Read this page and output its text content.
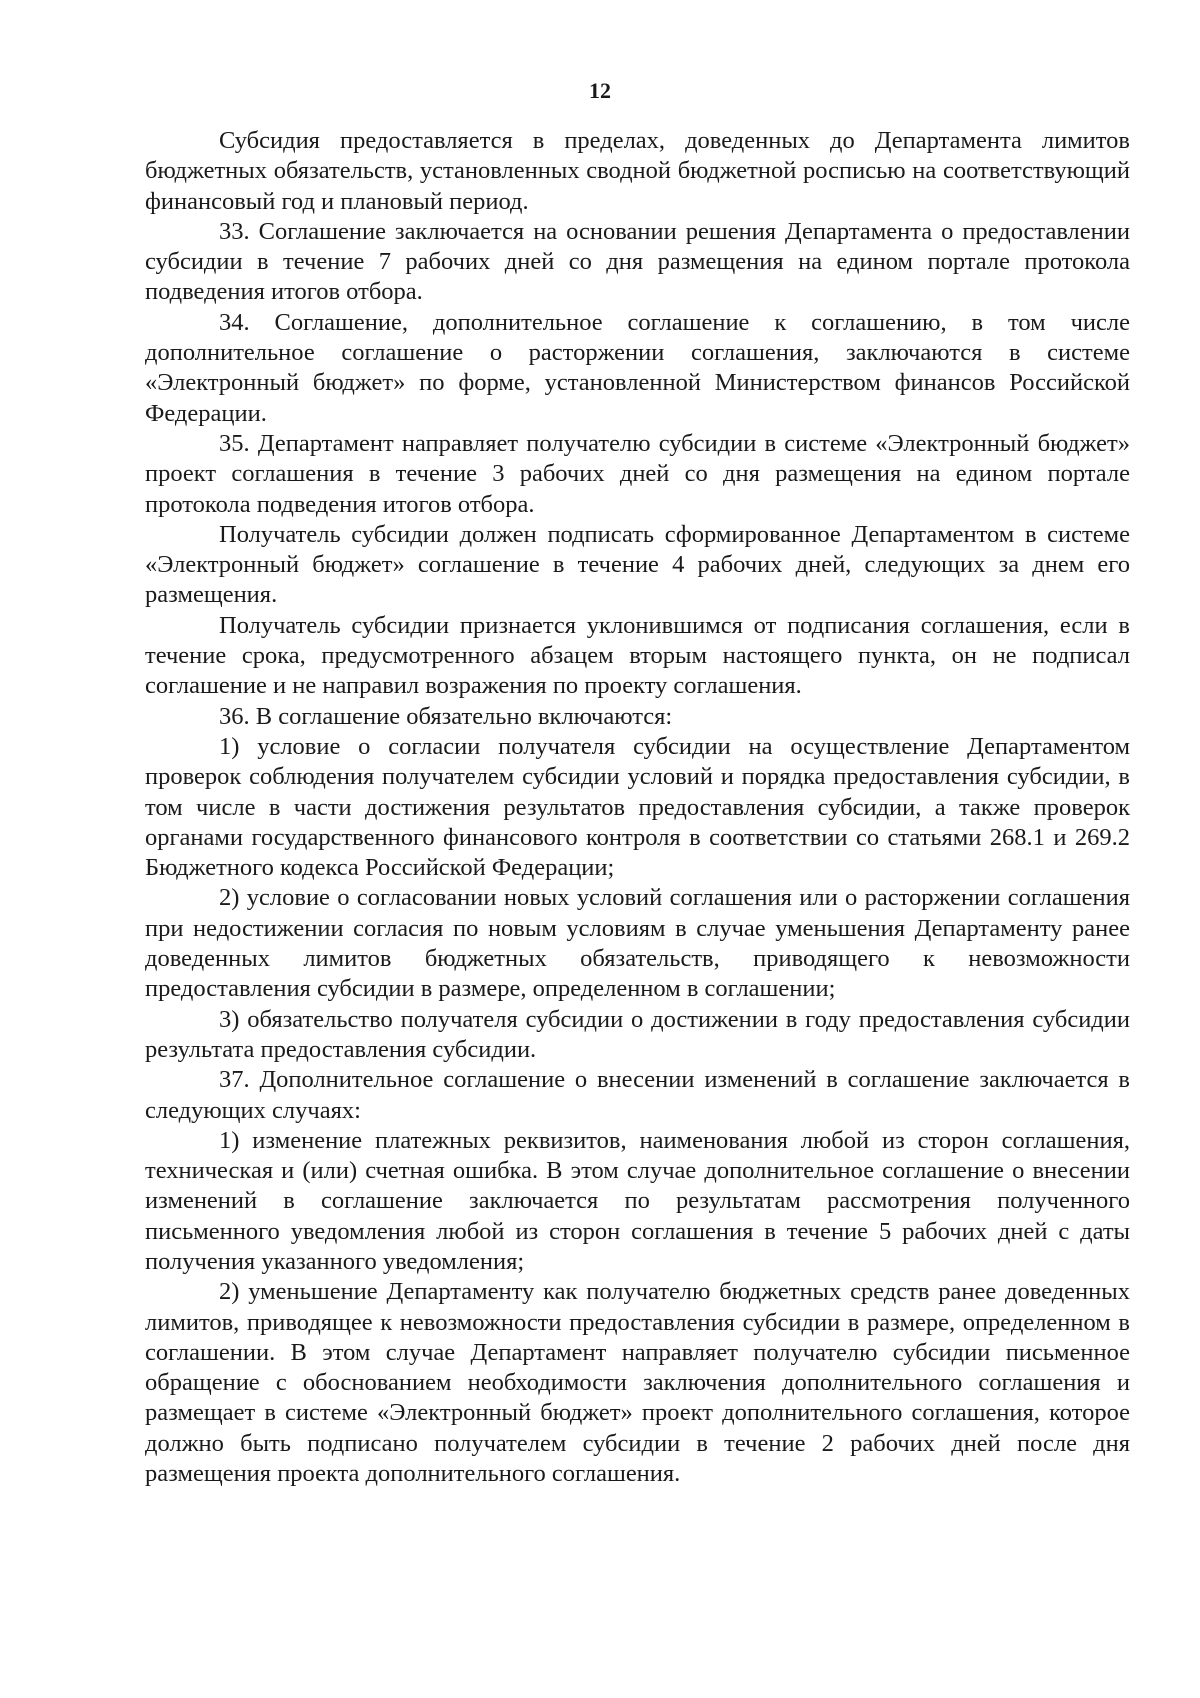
12

Субсидия предоставляется в пределах, доведенных до Департамента лимитов бюджетных обязательств, установленных сводной бюджетной росписью на соответствующий финансовый год и плановый период.

33. Соглашение заключается на основании решения Департамента о предоставлении субсидии в течение 7 рабочих дней со дня размещения на едином портале протокола подведения итогов отбора.

34. Соглашение, дополнительное соглашение к соглашению, в том числе дополнительное соглашение о расторжении соглашения, заключаются в системе «Электронный бюджет» по форме, установленной Министерством финансов Российской Федерации.

35. Департамент направляет получателю субсидии в системе «Электронный бюджет» проект соглашения в течение 3 рабочих дней со дня размещения на едином портале протокола подведения итогов отбора.

Получатель субсидии должен подписать сформированное Департаментом в системе «Электронный бюджет» соглашение в течение 4 рабочих дней, следующих за днем его размещения.

Получатель субсидии признается уклонившимся от подписания соглашения, если в течение срока, предусмотренного абзацем вторым настоящего пункта, он не подписал соглашение и не направил возражения по проекту соглашения.

36. В соглашение обязательно включаются:

1) условие о согласии получателя субсидии на осуществление Департаментом проверок соблюдения получателем субсидии условий и порядка предоставления субсидии, в том числе в части достижения результатов предоставления субсидии, а также проверок органами государственного финансового контроля в соответствии со статьями 268.1 и 269.2 Бюджетного кодекса Российской Федерации;

2) условие о согласовании новых условий соглашения или о расторжении соглашения при недостижении согласия по новым условиям в случае уменьшения Департаменту ранее доведенных лимитов бюджетных обязательств, приводящего к невозможности предоставления субсидии в размере, определенном в соглашении;

3) обязательство получателя субсидии о достижении в году предоставления субсидии результата предоставления субсидии.

37. Дополнительное соглашение о внесении изменений в соглашение заключается в следующих случаях:

1) изменение платежных реквизитов, наименования любой из сторон соглашения, техническая и (или) счетная ошибка. В этом случае дополнительное соглашение о внесении изменений в соглашение заключается по результатам рассмотрения полученного письменного уведомления любой из сторон соглашения в течение 5 рабочих дней с даты получения указанного уведомления;

2) уменьшение Департаменту как получателю бюджетных средств ранее доведенных лимитов, приводящее к невозможности предоставления субсидии в размере, определенном в соглашении. В этом случае Департамент направляет получателю субсидии письменное обращение с обоснованием необходимости заключения дополнительного соглашения и размещает в системе «Электронный бюджет» проект дополнительного соглашения, которое должно быть подписано получателем субсидии в течение 2 рабочих дней после дня размещения проекта дополнительного соглашения.
